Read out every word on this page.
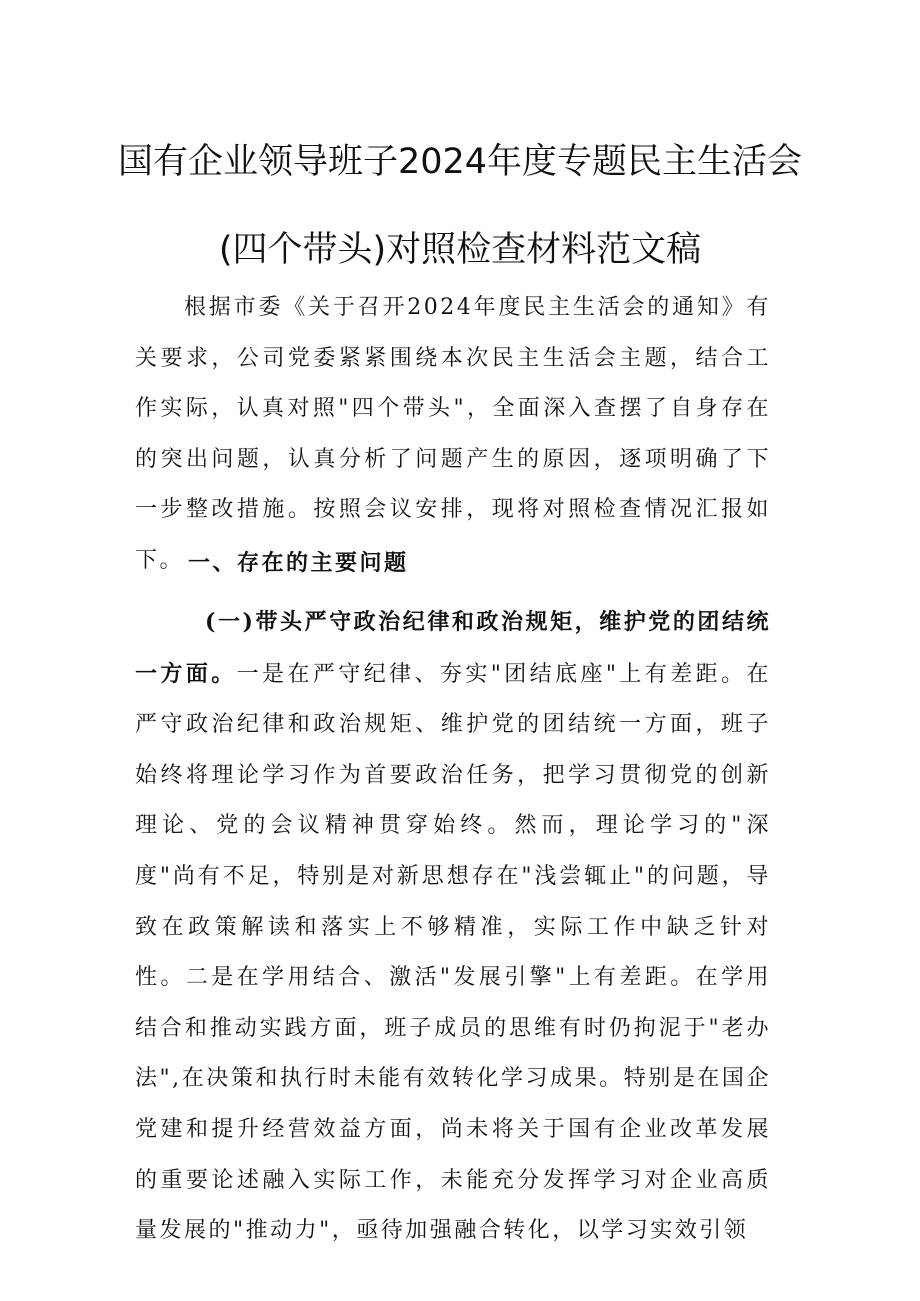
国有企业领导班子2024年度专题民主生活会
(四个带头)对照检查材料范文稿

根据市委《关于召开2024年度民主生活会的通知》有关要求，公司党委紧紧围绕本次民主生活会主题，结合工作实际，认真对照"四个带头"，全面深入查摆了自身存在的突出问题，认真分析了问题产生的原因，逐项明确了下一步整改措施。按照会议安排，现将对照检查情况汇报如下。 一、存在的主要问题

(一)带头严守政治纪律和政治规矩，维护党的团结统一方面。一是在严守纪律、夯实"团结底座"上有差距。在严守政治纪律和政治规矩、维护党的团结统一方面，班子始终将理论学习作为首要政治任务，把学习贯彻党的创新理论、党的会议精神贯穿始终。然而，理论学习的"深度"尚有不足，特别是对新思想存在"浅尝辄止"的问题，导致在政策解读和落实上不够精准，实际工作中缺乏针对性。二是在学用结合、激活"发展引擎"上有差距。在学用结合和推动实践方面，班子成员的思维有时仍拘泥于"老办法",在决策和执行时未能有效转化学习成果。特别是在国企党建和提升经营效益方面，尚未将关于国有企业改革发展的重要论述融入实际工作，未能充分发挥学习对企业高质量发展的"推动力"，亟待加强融合转化，以学习实效引领
